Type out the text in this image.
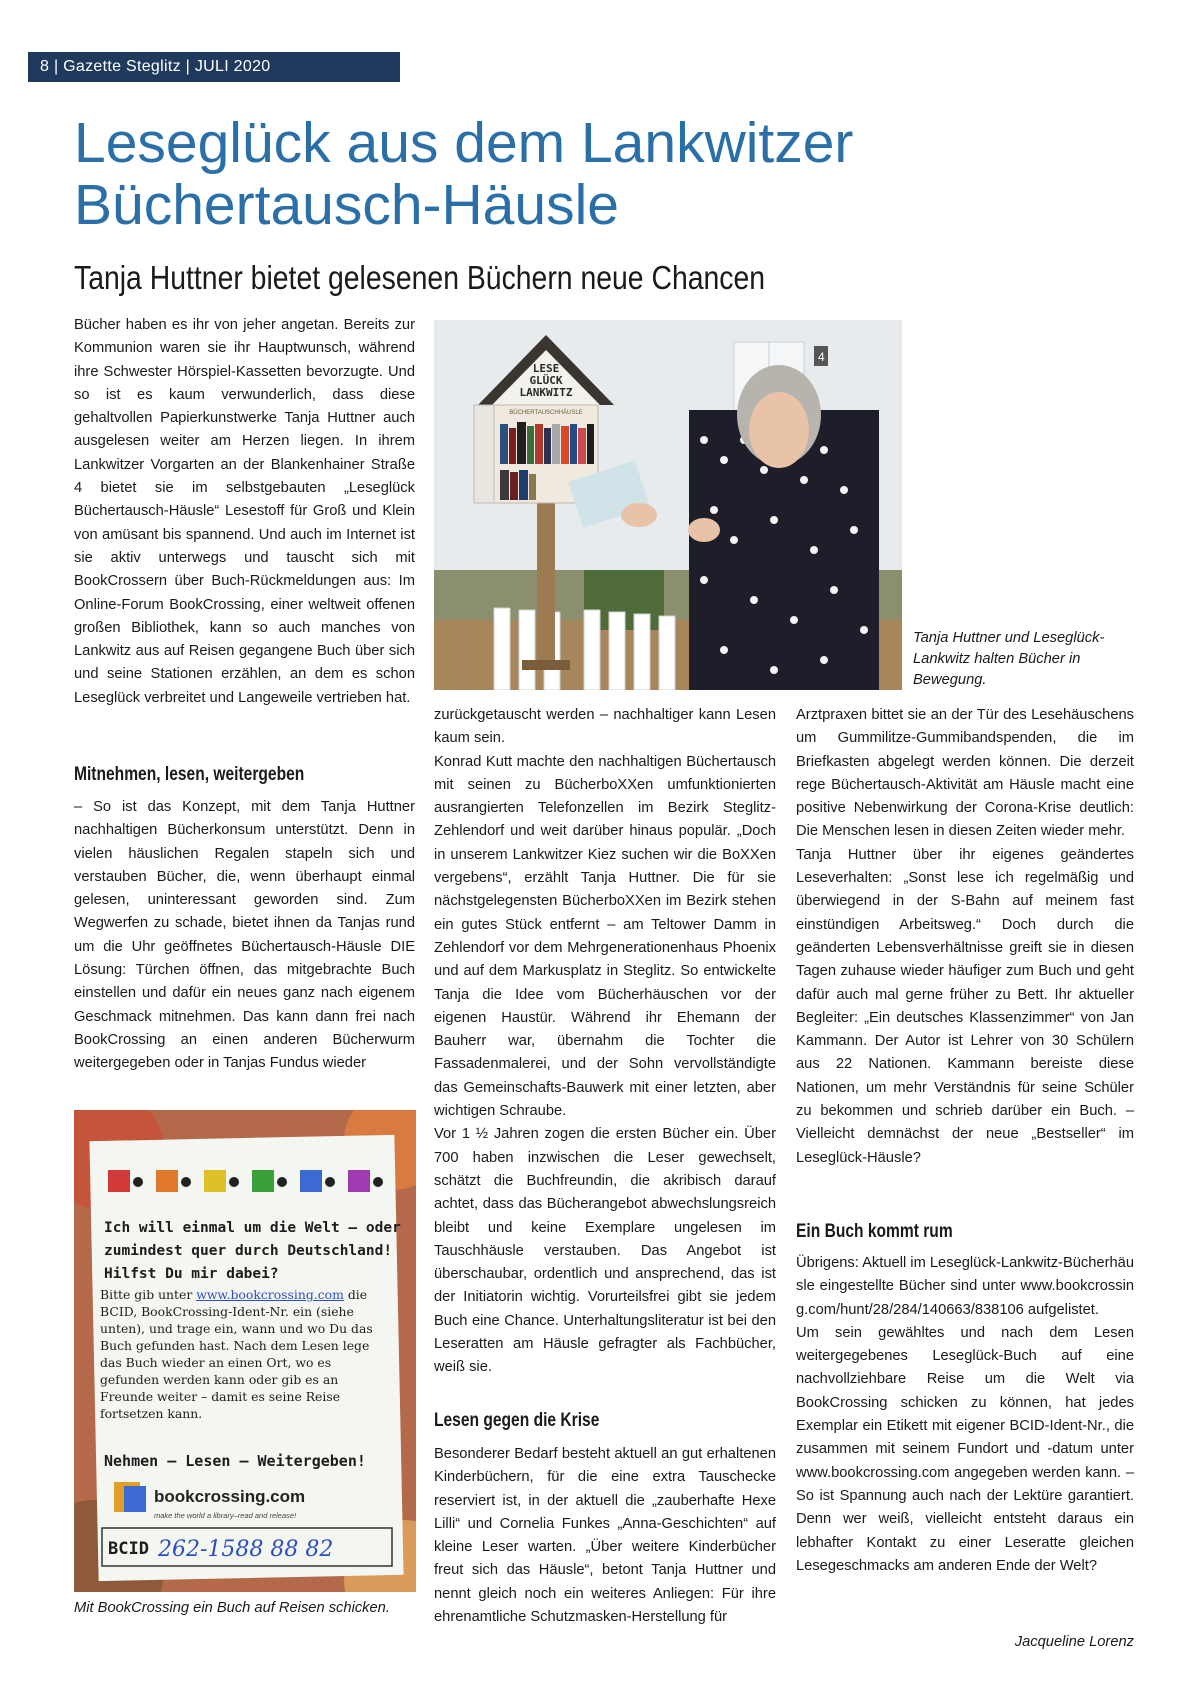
8 | Gazette Steglitz | JULI 2020
Leseglück aus dem Lankwitzer
Büchertausch-Häusle
Tanja Huttner bietet gelesenen Büchern neue Chancen

Bücher haben es ihr von jeher angetan. Bereits zur Kommunion waren sie ihr Hauptwunsch, während ihre Schwester Hörspiel-Kassetten bevorzugte. Und so ist es kaum verwunderlich, dass diese gehaltvollen Papierkunstwerke Tanja Huttner auch ausgelesen weiter am Herzen liegen. In ihrem Lankwitzer Vorgarten an der Blankenhainer Straße 4 bietet sie im selbstgebauten „Leseglück Büchertausch-Häusle“ Lesestoff für Groß und Klein von amüsant bis spannend. Und auch im Internet ist sie aktiv unterwegs und tauscht sich mit BookCrossern über Buch-Rückmeldungen aus: Im Online-Forum BookCrossing, einer weltweit offenen großen Bibliothek, kann so auch manches von Lankwitz aus auf Reisen gegangene Buch über sich und seine Stationen erzählen, an dem es schon Leseglück verbreitet und Langeweile vertrieben hat.

Mitnehmen, lesen, weitergeben

– So ist das Konzept, mit dem Tanja Huttner nachhaltigen Bücherkonsum unterstützt. Denn in vielen häuslichen Regalen stapeln sich und verstauben Bücher, die, wenn überhaupt einmal gelesen, uninteressant geworden sind. Zum Wegwerfen zu schade, bietet ihnen da Tanjas rund um die Uhr geöffnetes Büchertausch-Häusle DIE Lösung: Türchen öffnen, das mitgebrachte Buch einstellen und dafür ein neues ganz nach eigenem Geschmack mitnehmen. Das kann dann frei nach BookCrossing an einen anderen Bücherwurm weitergegeben oder in Tanjas Fundus wieder

4
LESE
GLÜCK
LANKWITZ
BÜCHERTAUSCHHÄUSLE
Tanja Huttner und Leseglück-Lankwitz halten Bücher in Bewegung.

zurückgetauscht werden – nachhaltiger kann Lesen kaum sein.

Konrad Kutt machte den nachhaltigen Büchertausch mit seinen zu BücherboXXen umfunktionierten ausrangierten Telefonzellen im Bezirk Steglitz-Zehlendorf und weit darüber hinaus populär. „Doch in unserem Lankwitzer Kiez suchen wir die BoXXen vergebens“, erzählt Tanja Huttner. Die für sie nächstgelegensten BücherboXXen im Bezirk stehen ein gutes Stück entfernt – am Teltower Damm in Zehlendorf vor dem Mehrgenerationenhaus Phoenix und auf dem Markusplatz in Steglitz. So entwickelte Tanja die Idee vom Bücherhäuschen vor der eigenen Haustür. Während ihr Ehemann der Bauherr war, übernahm die Tochter die Fassadenmalerei, und der Sohn vervollständigte das Gemeinschafts-Bauwerk mit einer letzten, aber wichtigen Schraube.

Vor 1 ½ Jahren zogen die ersten Bücher ein. Über 700 haben inzwischen die Leser gewechselt, schätzt die Buchfreundin, die akribisch darauf achtet, dass das Bücherangebot abwechslungsreich bleibt und keine Exemplare ungelesen im Tauschhäusle verstauben. Das Angebot ist überschaubar, ordentlich und ansprechend, das ist der Initiatorin wichtig. Vorurteilsfrei gibt sie jedem Buch eine Chance. Unterhaltungsliteratur ist bei den Leseratten am Häusle gefragter als Fachbücher, weiß sie.

Lesen gegen die Krise

Besonderer Bedarf besteht aktuell an gut erhaltenen Kinderbüchern, für die eine extra Tauschecke reserviert ist, in der aktuell die „zauberhafte Hexe Lilli“ und Cornelia Funkes „Anna-Geschichten“ auf kleine Leser warten. „Über weitere Kinderbücher freut sich das Häusle“, betont Tanja Huttner und nennt gleich noch ein weiteres Anliegen: Für ihre ehrenamtliche Schutzmasken-Herstellung für

Arztpraxen bittet sie an der Tür des Lesehäuschens um Gummilitze-Gummibandspenden, die im Briefkasten abgelegt werden können. Die derzeit rege Büchertausch-Aktivität am Häusle macht eine positive Nebenwirkung der Corona-Krise deutlich: Die Menschen lesen in diesen Zeiten wieder mehr.

Tanja Huttner über ihr eigenes geändertes Leseverhalten: „Sonst lese ich regelmäßig und überwiegend in der S-Bahn auf meinem fast einstündigen Arbeitsweg.“ Doch durch die geänderten Lebensverhältnisse greift sie in diesen Tagen zuhause wieder häufiger zum Buch und geht dafür auch mal gerne früher zu Bett. Ihr aktueller Begleiter: „Ein deutsches Klassenzimmer“ von Jan Kammann. Der Autor ist Lehrer von 30 Schülern aus 22 Nationen. Kammann bereiste diese Nationen, um mehr Verständnis für seine Schüler zu bekommen und schrieb darüber ein Buch. – Vielleicht demnächst der neue „Bestseller“ im Leseglück-Häusle?

Ein Buch kommt rum

Übrigens: Aktuell im Leseglück-Lankwitz-Bücherhäusle eingestellte Bücher sind unter www.bookcrossing.com/hunt/28/284/140663/838106 aufgelistet.

Um sein gewähltes und nach dem Lesen weitergegebenes Leseglück-Buch auf eine nachvollziehbare Reise um die Welt via BookCrossing schicken zu können, hat jedes Exemplar ein Etikett mit eigener BCID-Ident-Nr., die zusammen mit seinem Fundort und -datum unter www.bookcrossing.com angegeben werden kann. – So ist Spannung auch nach der Lektüre garantiert. Denn wer weiß, vielleicht entsteht daraus ein lebhafter Kontakt zu einer Leseratte gleichen Lesegeschmacks am anderen Ende der Welt?

Jacqueline Lorenz
Ich will einmal um die Welt – oder
zumindest quer durch Deutschland!
Hilfst Du mir dabei?
Bitte gib unter www.bookcrossing.com die BCID, BookCrossing-Ident-Nr. ein (siehe unten), und trage ein, wann und wo Du das Buch gefunden hast. Nach dem Lesen lege das Buch wieder an einen Ort, wo es gefunden werden kann oder gib es an Freunde weiter – damit es seine Reise fortsetzen kann.
Nehmen – Lesen – Weitergeben!
bookcrossing.com
make the world a library–read and release!
BCID 262-1588 88 82
Mit BookCrossing ein Buch auf Reisen schicken.
